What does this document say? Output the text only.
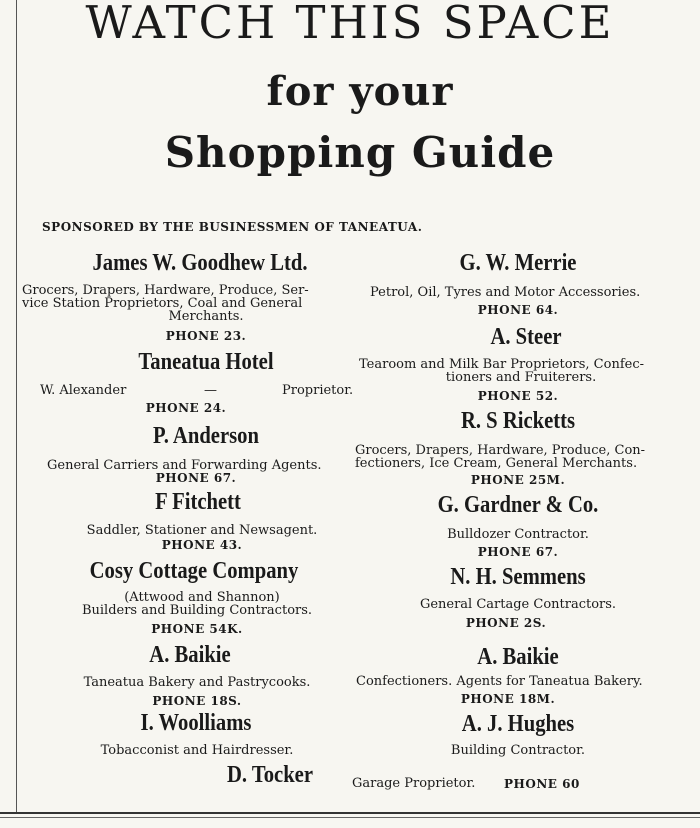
WATCH THIS SPACE
for your
Shopping Guide
SPONSORED BY THE BUSINESSMEN OF TANEATUA.
James W. Goodhew Ltd.
Grocers, Drapers, Hardware, Produce, Ser-
vice Station Proprietors, Coal and General
Merchants.
PHONE 23.
Taneatua Hotel
W. Alexander	—	Proprietor.
PHONE 24.
P. Anderson
General Carriers and Forwarding Agents.
PHONE 67.
F Fitchett
Saddler, Stationer and Newsagent.
PHONE 43.
Cosy Cottage Company
(Attwood and Shannon)
Builders and Building Contractors.
PHONE 54K.
A. Baikie
Taneatua Bakery and Pastrycooks.
PHONE 18S.
I. Woolliams
Tobacconist and Hairdresser.
D. Tocker	Garage Proprietor. PHONE 60
G. W. Merrie
Petrol, Oil, Tyres and Motor Accessories.
PHONE 64.
A. Steer
Tearoom and Milk Bar Proprietors, Confec-
tioners and Fruiterers.
PHONE 52.
R. S Ricketts
Grocers, Drapers, Hardware, Produce, Con-
fectioners, Ice Cream, General Merchants.
PHONE 25M.
G. Gardner & Co.
Bulldozer Contractor.
PHONE 67.
N. H. Semmens
General Cartage Contractors.
PHONE 2S.
A. Baikie
Confectioners. Agents for Taneatua Bakery.
PHONE 18M.
A. J. Hughes
Building Contractor.
